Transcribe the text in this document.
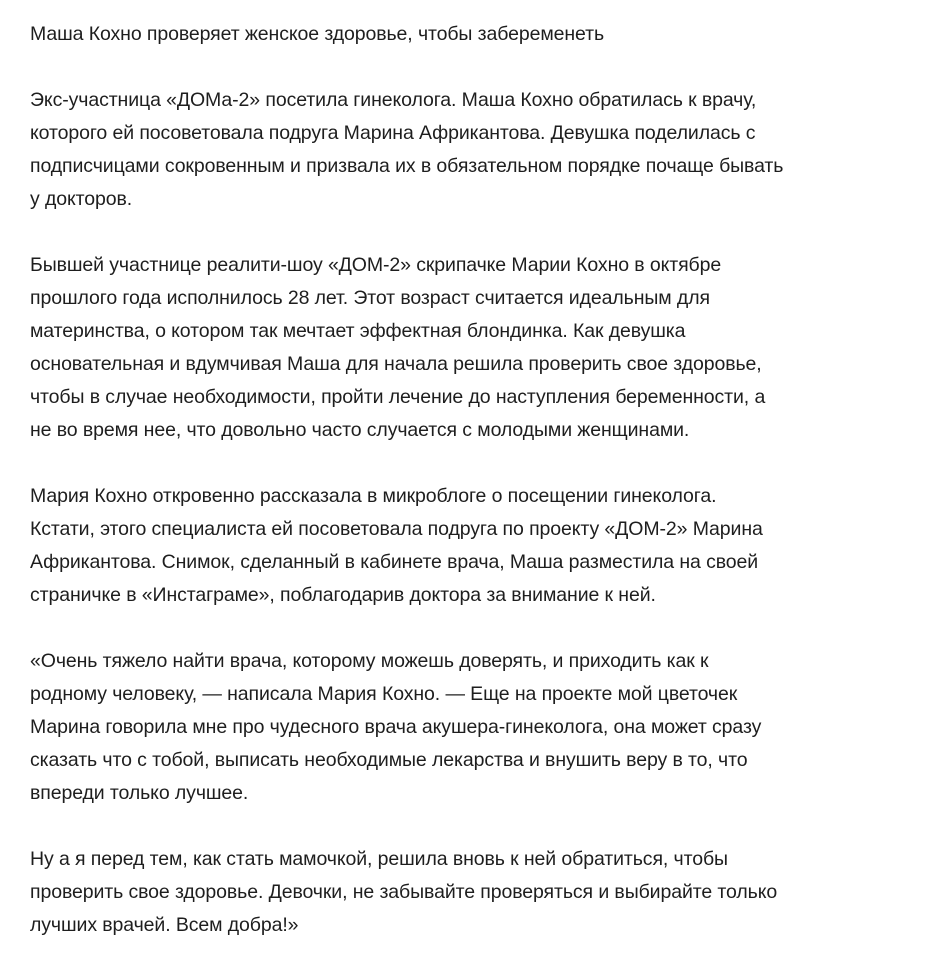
Маша Кохно проверяет женское здоровье, чтобы забеременеть
Экс-участница «ДОМа-2» посетила гинеколога. Маша Кохно обратилась к врачу,
которого ей посоветовала подруга Марина Африкантова. Девушка поделилась с
подписчицами сокровенным и призвала их в обязательном порядке почаще бывать
у докторов.
Бывшей участнице реалити-шоу «ДОМ-2» скрипачке Марии Кохно в октябре
прошлого года исполнилось 28 лет. Этот возраст считается идеальным для
материнства, о котором так мечтает эффектная блондинка. Как девушка
основательная и вдумчивая Маша для начала решила проверить свое здоровье,
чтобы в случае необходимости, пройти лечение до наступления беременности, а
не во время нее, что довольно часто случается с молодыми женщинами.
Мария Кохно откровенно рассказала в микроблоге о посещении гинеколога.
Кстати, этого специалиста ей посоветовала подруга по проекту «ДОМ-2» Марина
Африкантова. Снимок, сделанный в кабинете врача, Маша разместила на своей
страничке в «Инстаграме», поблагодарив доктора за внимание к ней.
«Очень тяжело найти врача, которому можешь доверять, и приходить как к
родному человеку, — написала Мария Кохно. — Еще на проекте мой цветочек
Марина говорила мне про чудесного врача акушера-гинеколога, она может сразу
сказать что с тобой, выписать необходимые лекарства и внушить веру в то, что
впереди только лучшее.
Ну а я перед тем, как стать мамочкой, решила вновь к ней обратиться, чтобы
проверить свое здоровье. Девочки, не забывайте проверяться и выбирайте только
лучших врачей. Всем добра!»
